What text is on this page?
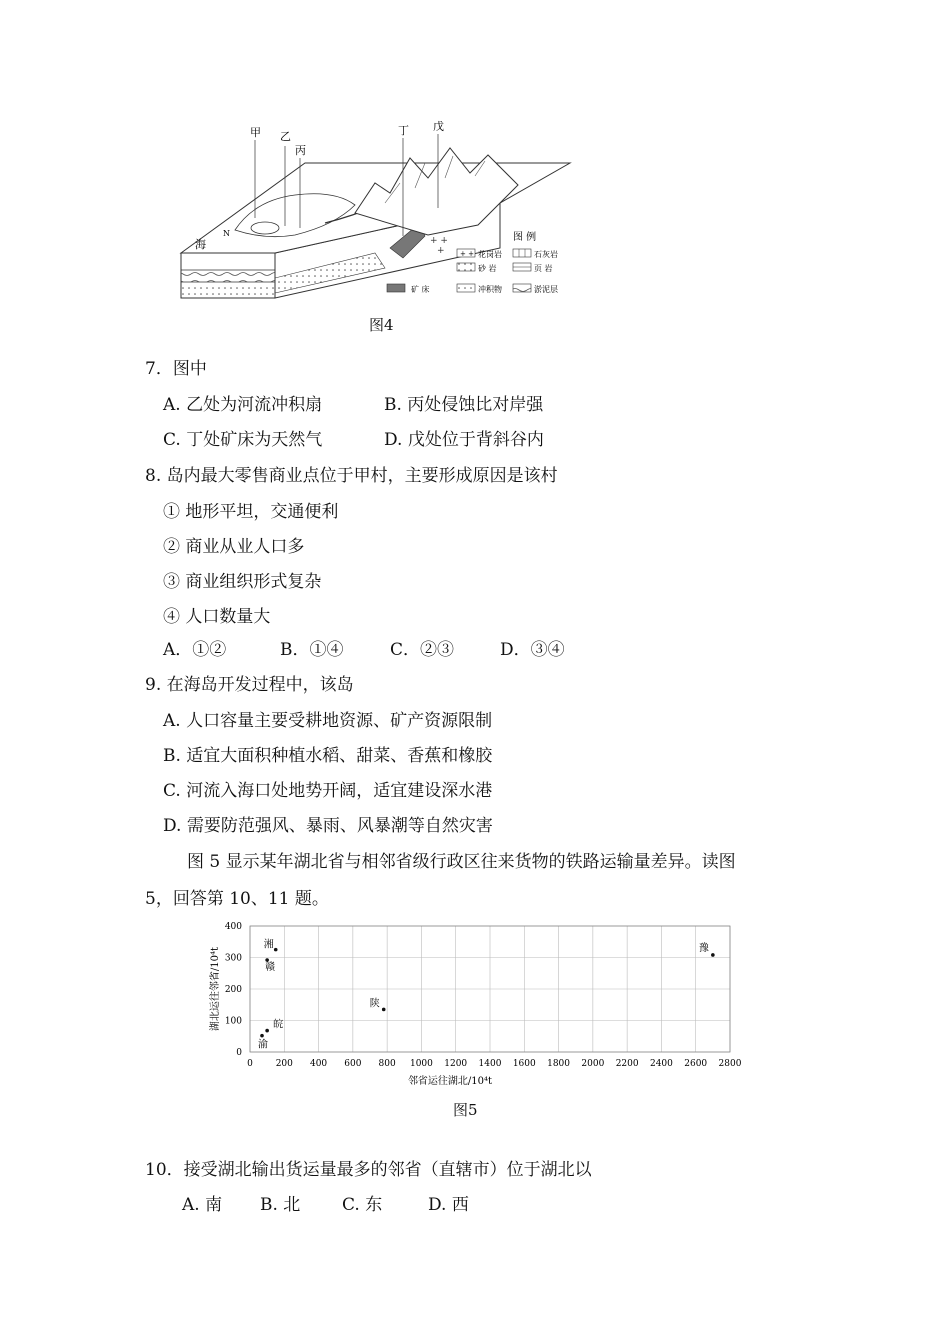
+ +
+
甲 乙
丙
丁 戊
海
N	图 例
+ + 花岗岩	石灰岩
砂 岩	页 岩
矿 床	冲积物	淤泥层
图4
7．图中
A. 乙处为河流冲积扇	B. 丙处侵蚀比对岸强
C. 丁处矿床为天然气	D. 戊处位于背斜谷内
8. 岛内最大零售商业点位于甲村，主要形成原因是该村
① 地形平坦，交通便利
② 商业从业人口多
③ 商业组织形式复杂
④ 人口数量大
A．①②	B．①④	C．②③	D．③④
9. 在海岛开发过程中，该岛
A. 人口容量主要受耕地资源、矿产资源限制
B. 适宜大面积种植水稻、甜菜、香蕉和橡胶
C. 河流入海口处地势开阔，适宜建设深水港
D. 需要防范强风、暴雨、风暴潮等自然灾害
图 5 显示某年湖北省与相邻省级行政区往来货物的铁路运输量差异。读图
5，回答第 10、11 题。
0	200 400 600 800 1000 1200 1400 1600 1800 2000 2200 2400 2600 2800
0
100
200
300
400
湘
赣
陕
皖
渝
豫
邻省运往湖北/10⁴t
湖北运往邻省/10⁴t
图5
10．接受湖北输出货运量最多的邻省（直辖市）位于湖北以
A. 南 B. 北 C. 东	D. 西
